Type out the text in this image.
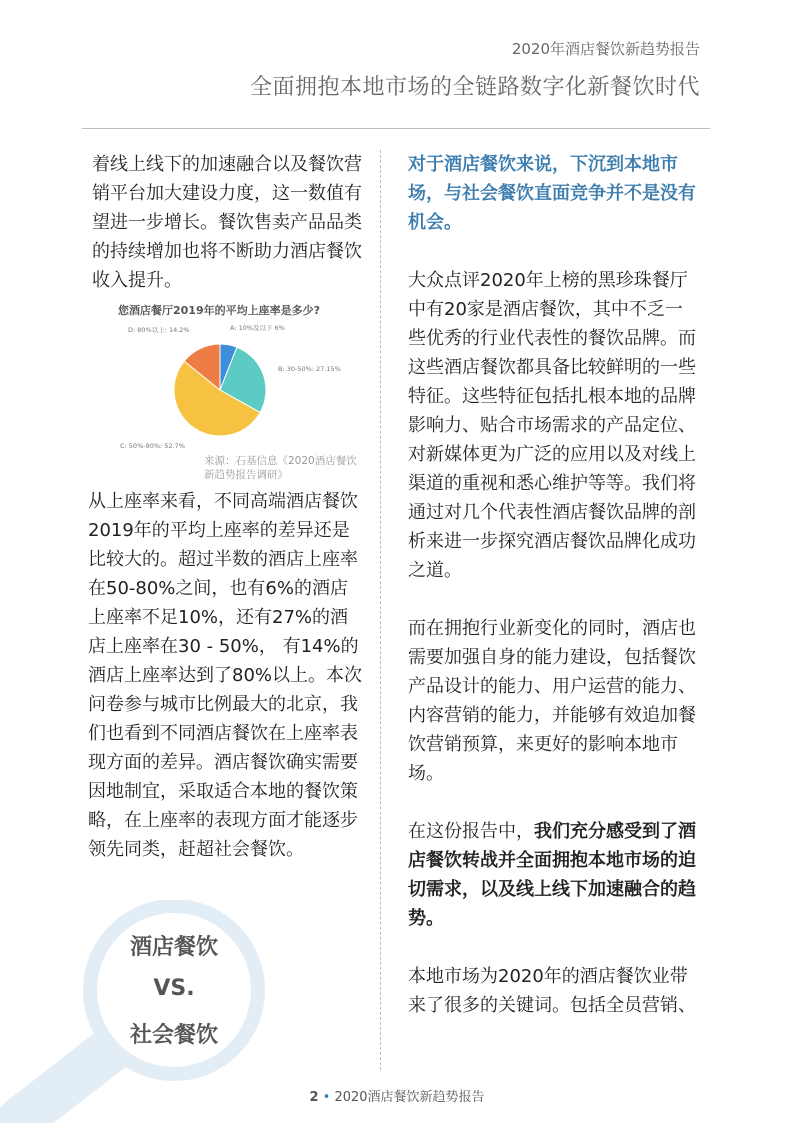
2020年酒店餐饮新趋势报告
全面拥抱本地市场的全链路数字化新餐饮时代

着线上线下的加速融合以及餐饮营销平台加大建设力度，这一数值有望进一步增长。餐饮售卖产品品类的持续增加也将不断助力酒店餐饮收入提升。

您酒店餐厅2019年的平均上座率是多少?
A: 10%及以下 6%
B: 30-50%: 27.15%
D: 80%以上: 14.2%
C: 50%-80%: 52.7%
来源：石基信息《2020酒店餐饮新趋势报告调研》

从上座率来看，不同高端酒店餐饮2019年的平均上座率的差异还是比较大的。超过半数的酒店上座率在50-80%之间，也有6%的酒店上座率不足10%，还有27%的酒店上座率在30 - 50%， 有14%的酒店上座率达到了80%以上。本次问卷参与城市比例最大的北京，我们也看到不同酒店餐饮在上座率表现方面的差异。酒店餐饮确实需要因地制宜，采取适合本地的餐饮策略，在上座率的表现方面才能逐步领先同类，赶超社会餐饮。

对于酒店餐饮来说，下沉到本地市场，与社会餐饮直面竞争并不是没有机会。

大众点评2020年上榜的黑珍珠餐厅中有20家是酒店餐饮，其中不乏一些优秀的行业代表性的餐饮品牌。而这些酒店餐饮都具备比较鲜明的一些特征。这些特征包括扎根本地的品牌影响力、贴合市场需求的产品定位、对新媒体更为广泛的应用以及对线上渠道的重视和悉心维护等等。我们将通过对几个代表性酒店餐饮品牌的剖析来进一步探究酒店餐饮品牌化成功之道。

而在拥抱行业新变化的同时，酒店也需要加强自身的能力建设，包括餐饮产品设计的能力、用户运营的能力、内容营销的能力，并能够有效追加餐饮营销预算，来更好的影响本地市场。

在这份报告中，我们充分感受到了酒店餐饮转战并全面拥抱本地市场的迫切需求，以及线上线下加速融合的趋势。

本地市场为2020年的酒店餐饮业带来了很多的关键词。包括全员营销、

酒店餐饮
VS.
社会餐饮
2 • 2020酒店餐饮新趋势报告
